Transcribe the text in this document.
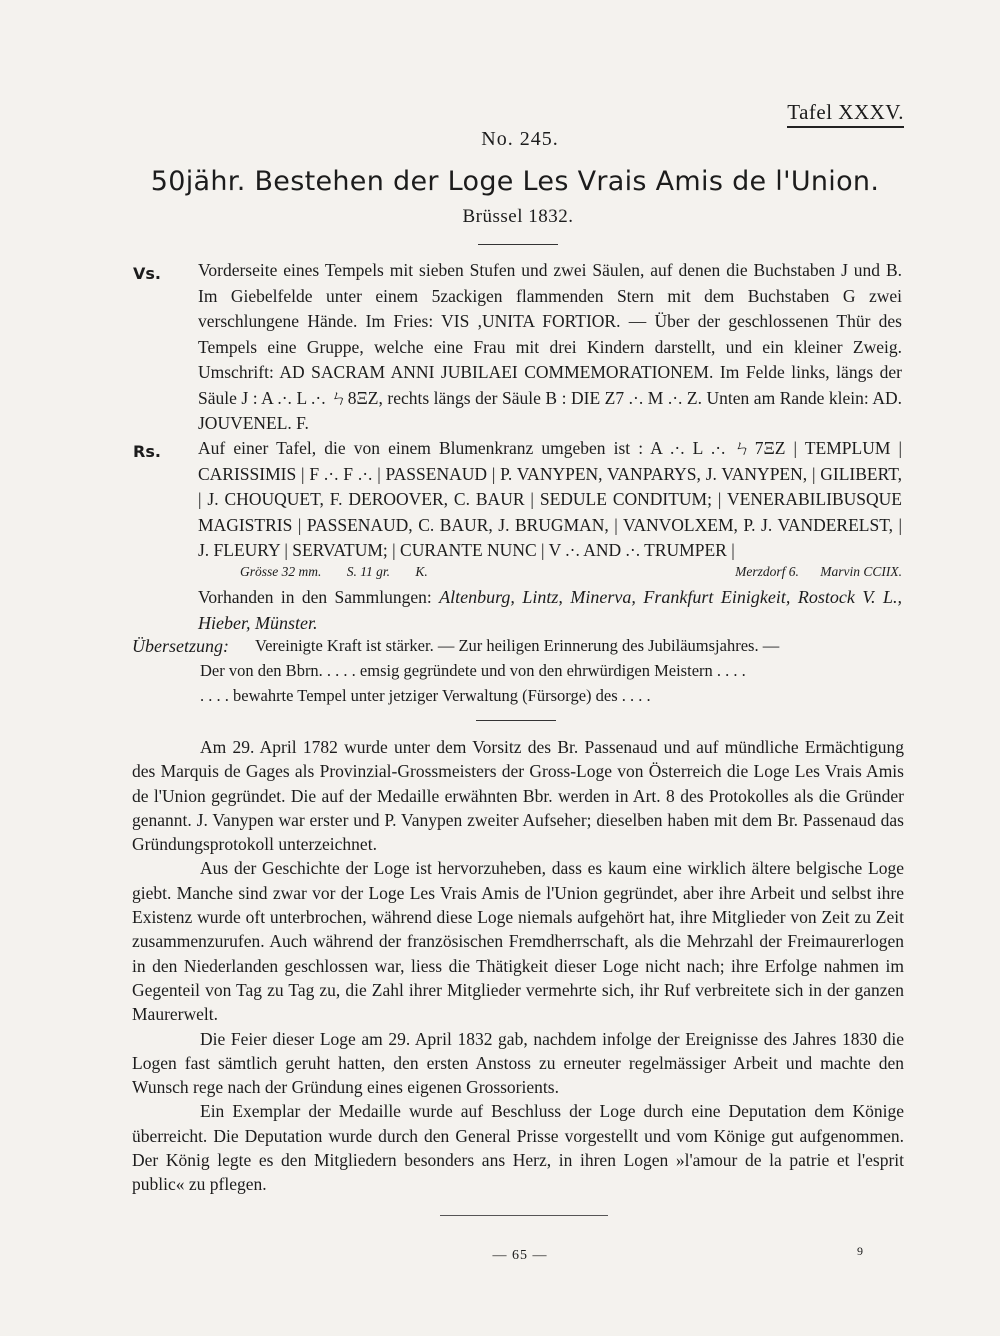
Tafel XXXV.
No. 245.
50jähr. Bestehen der Loge Les Vrais Amis de l'Union.
Brüssel 1832.
Vs. Vorderseite eines Tempels mit sieben Stufen und zwei Säulen, auf denen die Buchstaben J und B. Im Giebelfelde unter einem 5zackigen flammenden Stern mit dem Buchstaben G zwei verschlungene Hände. Im Fries: VIS ,UNITA FORTIOR. — Über der geschlossenen Thür des Tempels eine Gruppe, welche eine Frau mit drei Kindern darstellt, und ein kleiner Zweig. Umschrift: AD SACRAM ANNI JUBILAEI COMMEMORATIONEM. Im Felde links, längs der Säule J : A .·. L .·. ㄣ8ΞZ, rechts längs der Säule B : DIE Z7 .·. M .·. Z. Unten am Rande klein: AD. JOUVENEL. F.
Rs. Auf einer Tafel, die von einem Blumenkranz umgeben ist : A .·. L .·. ㄣ7ΞZ | TEMPLUM | CARISSIMIS | F .·. F .·. | PASSENAUD | P. VANYPEN, VANPARYS, J. VANYPEN, | GILIBERT, | J. CHOUQUET, F. DEROOVER, C. BAUR | SEDULE CONDITUM; | VENERABILIBUSQUE MAGISTRIS | PASSENAUD, C. BAUR, J. BRUGMAN, | VANVOLXEM, P. J. VANDERELST, | J. FLEURY | SERVATUM; | CURANTE NUNC | V .·. AND .·. TRUMPER |
Grösse 32 mm. S. 11 gr. K.	Merzdorf 6. Marvin CCIIX.
Vorhanden in den Sammlungen: Altenburg, Lintz, Minerva, Frankfurt Einigkeit, Rostock V. L., Hieber, Münster.
Übersetzung: Vereinigte Kraft ist stärker. — Zur heiligen Erinnerung des Jubiläumsjahres. —
Der von den Bbrn. . . . . emsig gegründete und von den ehrwürdigen Meistern . . . .
. . . . bewahrte Tempel unter jetziger Verwaltung (Fürsorge) des . . . .

Am 29. April 1782 wurde unter dem Vorsitz des Br. Passenaud und auf mündliche Ermächtigung des Marquis de Gages als Provinzial-Grossmeisters der Gross-Loge von Österreich die Loge Les Vrais Amis de l'Union gegründet. Die auf der Medaille erwähnten Bbr. werden in Art. 8 des Protokolles als die Gründer genannt. J. Vanypen war erster und P. Vanypen zweiter Aufseher; dieselben haben mit dem Br. Passenaud das Gründungsprotokoll unterzeichnet.

Aus der Geschichte der Loge ist hervorzuheben, dass es kaum eine wirklich ältere belgische Loge giebt. Manche sind zwar vor der Loge Les Vrais Amis de l'Union gegründet, aber ihre Arbeit und selbst ihre Existenz wurde oft unterbrochen, während diese Loge niemals aufgehört hat, ihre Mitglieder von Zeit zu Zeit zusammenzurufen. Auch während der französischen Fremdherrschaft, als die Mehrzahl der Freimaurerlogen in den Niederlanden geschlossen war, liess die Thätigkeit dieser Loge nicht nach; ihre Erfolge nahmen im Gegenteil von Tag zu Tag zu, die Zahl ihrer Mitglieder vermehrte sich, ihr Ruf verbreitete sich in der ganzen Maurerwelt.

Die Feier dieser Loge am 29. April 1832 gab, nachdem infolge der Ereignisse des Jahres 1830 die Logen fast sämtlich geruht hatten, den ersten Anstoss zu erneuter regelmässiger Arbeit und machte den Wunsch rege nach der Gründung eines eigenen Grossorients.

Ein Exemplar der Medaille wurde auf Beschluss der Loge durch eine Deputation dem Könige überreicht. Die Deputation wurde durch den General Prisse vorgestellt und vom Könige gut aufgenommen. Der König legte es den Mitgliedern besonders ans Herz, in ihren Logen »l'amour de la patrie et l'esprit public« zu pflegen.

— 65 —	9
